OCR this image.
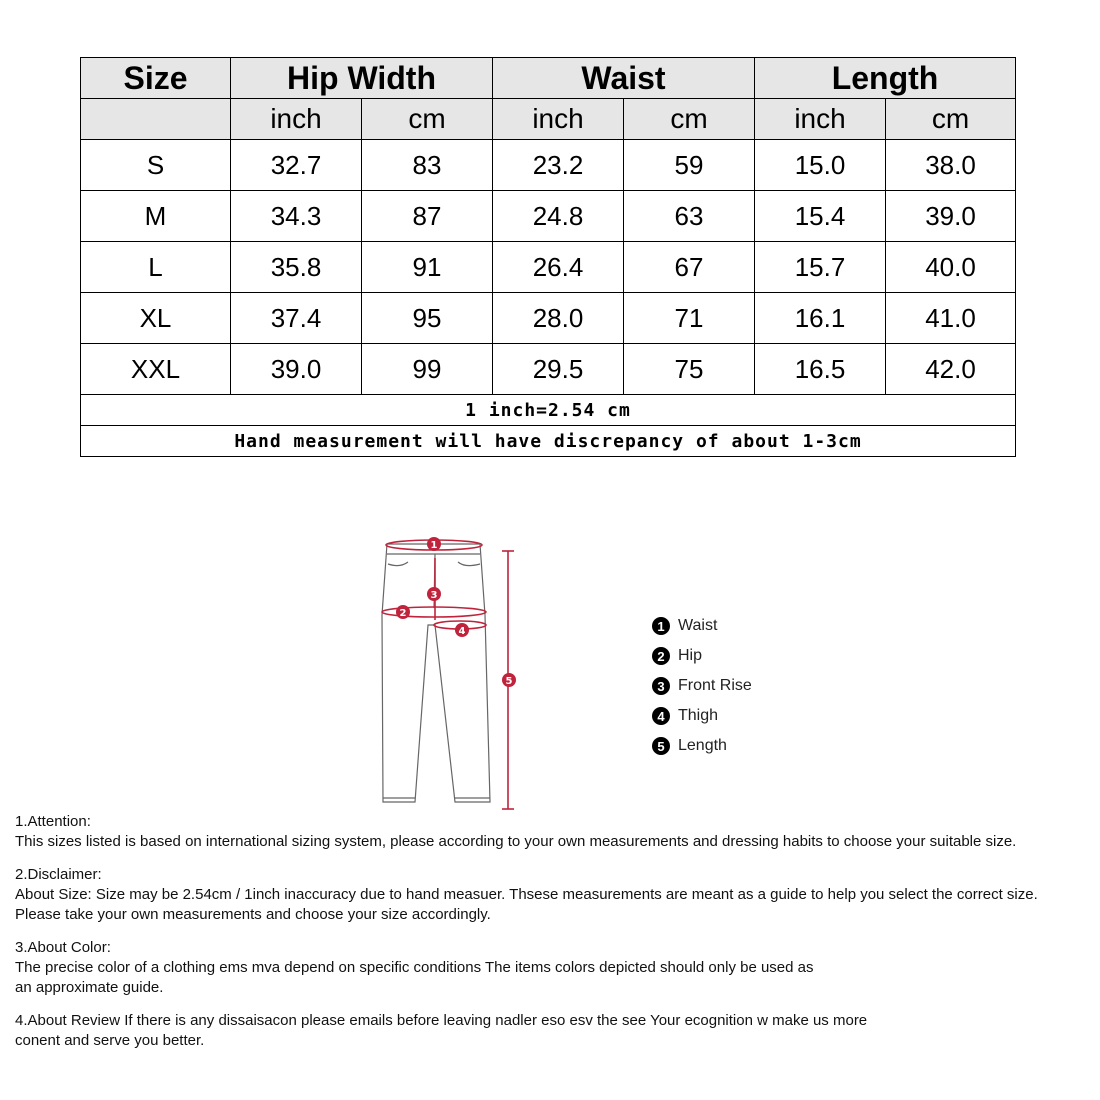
Size	Hip Width		Waist		Length	
	inch	cm	inch	cm	inch	cm
S	32.7	83	23.2	59	15.0	38.0
M	34.3	87	24.8	63	15.4	39.0
L	35.8	91	26.4	67	15.7	40.0
XL	37.4	95	28.0	71	16.1	41.0
XXL	39.0	99	29.5	75	16.5	42.0
1 inch=2.54 cm						
Hand measurement will have discrepancy of about 1-3cm						
1
2
3
4
5
1 Waist
2 Hip
3 Front Rise
4 Thigh
5 Length
1.Attention:
This sizes listed is based on international sizing system, please according to your own measurements and dressing habits to choose your suitable size.
2.Disclaimer:
About Size: Size may be 2.54cm / 1inch inaccuracy due to hand measuer. Thsese measurements are meant as a guide to help you select the correct size.
Please take your own measurements and choose your size accordingly.
3.About Color:
The precise color of a clothing ems mva depend on specific conditions The items colors depicted should only be used as
an approximate guide.
4.About Review If there is any dissaisacon please emails before leaving nadler eso esv the see Your ecognition w make us more
conent and serve you better.
